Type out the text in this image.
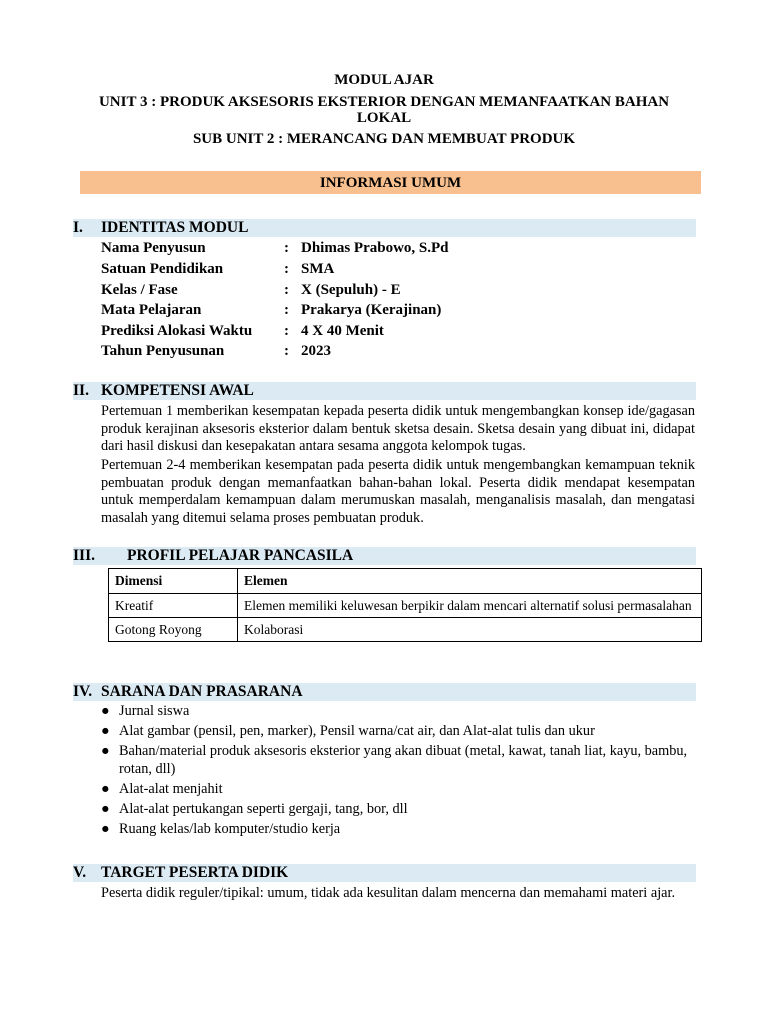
MODUL AJAR
UNIT 3 : PRODUK AKSESORIS EKSTERIOR DENGAN MEMANFAATKAN BAHAN
LOKAL
SUB UNIT 2 : MERANCANG DAN MEMBUAT PRODUK
INFORMASI UMUM
I. IDENTITAS MODUL
Nama Penyusun	: Dhimas Prabowo, S.Pd
Satuan Pendidikan	: SMA
Kelas / Fase	: X (Sepuluh) - E
Mata Pelajaran	: Prakarya (Kerajinan)
Prediksi Alokasi Waktu : 4 X 40 Menit
Tahun Penyusunan	: 2023
II. KOMPETENSI AWAL
Pertemuan 1 memberikan kesempatan kepada peserta didik untuk mengembangkan konsep ide/gagasan produk kerajinan aksesoris eksterior dalam bentuk sketsa desain. Sketsa desain yang dibuat ini, didapat dari hasil diskusi dan kesepakatan antara sesama anggota kelompok tugas.
Pertemuan 2-4 memberikan kesempatan pada peserta didik untuk mengembangkan kemampuan teknik pembuatan produk dengan memanfaatkan bahan-bahan lokal. Peserta didik mendapat kesempatan untuk memperdalam kemampuan dalam merumuskan masalah, menganalisis masalah, dan mengatasi masalah yang ditemui selama proses pembuatan produk.
III. PROFIL PELAJAR PANCASILA
Dimensi	Elemen
Kreatif	Elemen memiliki keluwesan berpikir dalam mencari alternatif solusi permasalahan
Gotong Royong	Kolaborasi
IV. SARANA DAN PRASARANA
● Jurnal siswa
● Alat gambar (pensil, pen, marker), Pensil warna/cat air, dan Alat-alat tulis dan ukur
● Bahan/material produk aksesoris eksterior yang akan dibuat (metal, kawat, tanah liat, kayu, bambu, rotan, dll)
● Alat-alat menjahit
● Alat-alat pertukangan seperti gergaji, tang, bor, dll
● Ruang kelas/lab komputer/studio kerja
V. TARGET PESERTA DIDIK
Peserta didik reguler/tipikal: umum, tidak ada kesulitan dalam mencerna dan memahami materi ajar.
